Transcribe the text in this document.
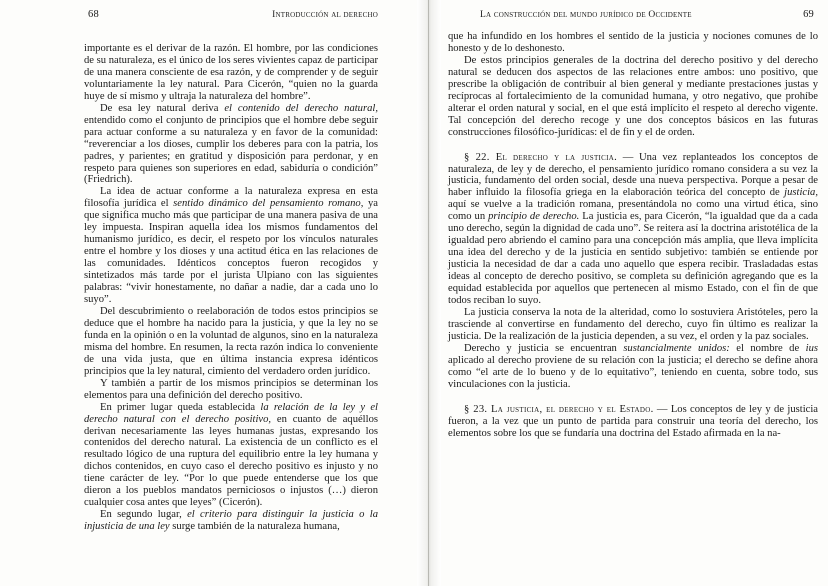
68	Introducción al derecho

importante es el derivar de la razón. El hombre, por las condiciones de su naturaleza, es el único de los seres vivientes capaz de participar de una manera consciente de esa razón, y de comprender y de seguir voluntariamente la ley natural. Para Cicerón, “quien no la guarda huye de sí mismo y ultraja la naturaleza del hombre”.

De esa ley natural deriva el contenido del derecho natural, entendido como el conjunto de principios que el hombre debe seguir para actuar conforme a su naturaleza y en favor de la comunidad: “reverenciar a los dioses, cumplir los deberes para con la patria, los padres, y parientes; en gratitud y disposición para perdonar, y en respeto para quienes son superiores en edad, sabiduría o condición” (Friedrich).

La idea de actuar conforme a la naturaleza expresa en esta filosofía jurídica el sentido dinámico del pensamiento romano, ya que significa mucho más que participar de una manera pasiva de una ley impuesta. Inspiran aquella idea los mismos fundamentos del humanismo jurídico, es decir, el respeto por los vínculos naturales entre el hombre y los dioses y una actitud ética en las relaciones de las comunidades. Idénticos conceptos fueron recogidos y sintetizados más tarde por el jurista Ulpiano con las siguientes palabras: “vivir honestamente, no dañar a nadie, dar a cada uno lo suyo”.

Del descubrimiento o reelaboración de todos estos principios se deduce que el hombre ha nacido para la justicia, y que la ley no se funda en la opinión o en la voluntad de algunos, sino en la naturaleza misma del hombre. En resumen, la recta razón indica lo conveniente de una vida justa, que en última instancia expresa idénticos principios que la ley natural, cimiento del verdadero orden jurídico.

Y también a partir de los mismos principios se determinan los elementos para una definición del derecho positivo.

En primer lugar queda establecida la relación de la ley y el derecho natural con el derecho positivo, en cuanto de aquéllos derivan necesariamente las leyes humanas justas, expresando los contenidos del derecho natural. La existencia de un conflicto es el resultado lógico de una ruptura del equilibrio entre la ley humana y dichos contenidos, en cuyo caso el derecho positivo es injusto y no tiene carácter de ley. “Por lo que puede entenderse que los que dieron a los pueblos mandatos perniciosos o injustos (…) dieron cualquier cosa antes que leyes” (Cicerón).

En segundo lugar, el criterio para distinguir la justicia o la injusticia de una ley surge también de la naturaleza humana,

La construcción del mundo jurídico de Occidente	69

que ha infundido en los hombres el sentido de la justicia y nociones comunes de lo honesto y de lo deshonesto.

De estos principios generales de la doctrina del derecho positivo y del derecho natural se deducen dos aspectos de las relaciones entre ambos: uno positivo, que prescribe la obligación de contribuir al bien general y mediante prestaciones justas y recíprocas al fortalecimiento de la comunidad humana, y otro negativo, que prohíbe alterar el orden natural y social, en el que está implícito el respeto al derecho vigente. Tal concepción del derecho recoge y une dos conceptos básicos en las futuras construcciones filosófico-jurídicas: el de fin y el de orden.

§ 22. El derecho y la justicia. — Una vez replanteados los conceptos de naturaleza, de ley y de derecho, el pensamiento jurídico romano considera a su vez la justicia, fundamento del orden social, desde una nueva perspectiva. Porque a pesar de haber influido la filosofía griega en la elaboración teórica del concepto de justicia, aquí se vuelve a la tradición romana, presentándola no como una virtud ética, sino como un principio de derecho. La justicia es, para Cicerón, “la igualdad que da a cada uno derecho, según la dignidad de cada uno”. Se reitera así la doctrina aristotélica de la igualdad pero abriendo el camino para una concepción más amplia, que lleva implícita una idea del derecho y de la justicia en sentido subjetivo: también se entiende por justicia la necesidad de dar a cada uno aquello que espera recibir. Trasladadas estas ideas al concepto de derecho positivo, se completa su definición agregando que es la equidad establecida por aquellos que pertenecen al mismo Estado, con el fin de que todos reciban lo suyo.

La justicia conserva la nota de la alteridad, como lo sostuviera Aristóteles, pero la trasciende al convertirse en fundamento del derecho, cuyo fin último es realizar la justicia. De la realización de la justicia dependen, a su vez, el orden y la paz sociales.

Derecho y justicia se encuentran sustancialmente unidos: el nombre de ius aplicado al derecho proviene de su relación con la justicia; el derecho se define ahora como “el arte de lo bueno y de lo equitativo”, teniendo en cuenta, sobre todo, sus vinculaciones con la justicia.

§ 23. La justicia, el derecho y el Estado. — Los conceptos de ley y de justicia fueron, a la vez que un punto de partida para construir una teoría del derecho, los elementos sobre los que se fundaría una doctrina del Estado afirmada en la na-
